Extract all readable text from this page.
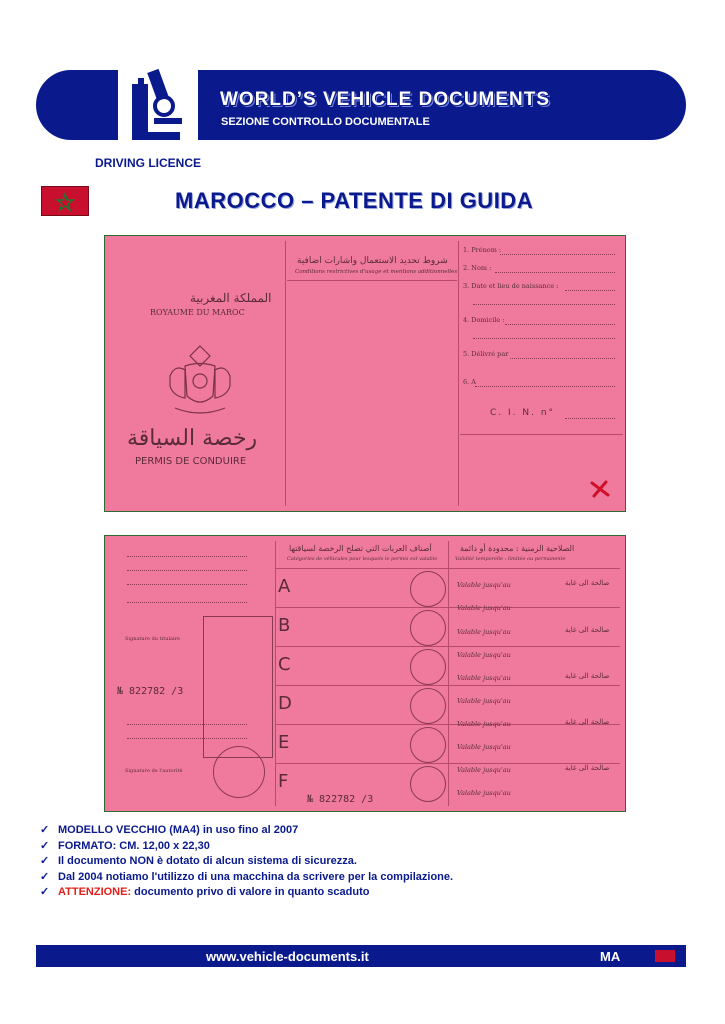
WORLD’S VEHICLE DOCUMENTS
SEZIONE CONTROLLO DOCUMENTALE
DRIVING LICENCE
MAROCCO – PATENTE DI GUIDA
المملكة المغربية
ROYAUME DU MAROC
رخصة السياقة
PERMIS DE CONDUIRE
شروط تحديد الاستعمال واشارات اضافية
Conditions restrictives d'usage et mentions additionnelles
1. Prénom :
2. Nom :
3. Date et lieu de naissance :
4. Domicile :
5. Délivré par
6. A
C. I. N. n°
أصناف العربات التي تصلح الرخصة لسياقتها
Catégories de véhicules pour lesquels le permis est valable
الصلاحية الزمنية : محدودة أو دائمة
Validité temporelle : limitée ou permanente
A
B
C
D
E
F
Valable jusqu'au
Valable jusqu'au
Valable jusqu'au
Valable jusqu'au
Valable jusqu'au
Valable jusqu'au
Valable jusqu'au
Valable jusqu'au
Valable jusqu'au
Valable jusqu'au
صالحة الى غاية
صالحة الى غاية
صالحة الى غاية
صالحة الى غاية
صالحة الى غاية
Signature du titulaire
№ 822782 /3
Signature de l'autorité
№ 822782 /3
✓ MODELLO VECCHIO (MA4) in uso fino al 2007
✓ FORMATO: CM. 12,00 x 22,30
✓ Il documento NON è dotato di alcun sistema di sicurezza.
✓ Dal 2004 notiamo l'utilizzo di una macchina da scrivere per la compilazione.
✓ ATTENZIONE: documento privo di valore in quanto scaduto
www.vehicle-documents.it	MA
